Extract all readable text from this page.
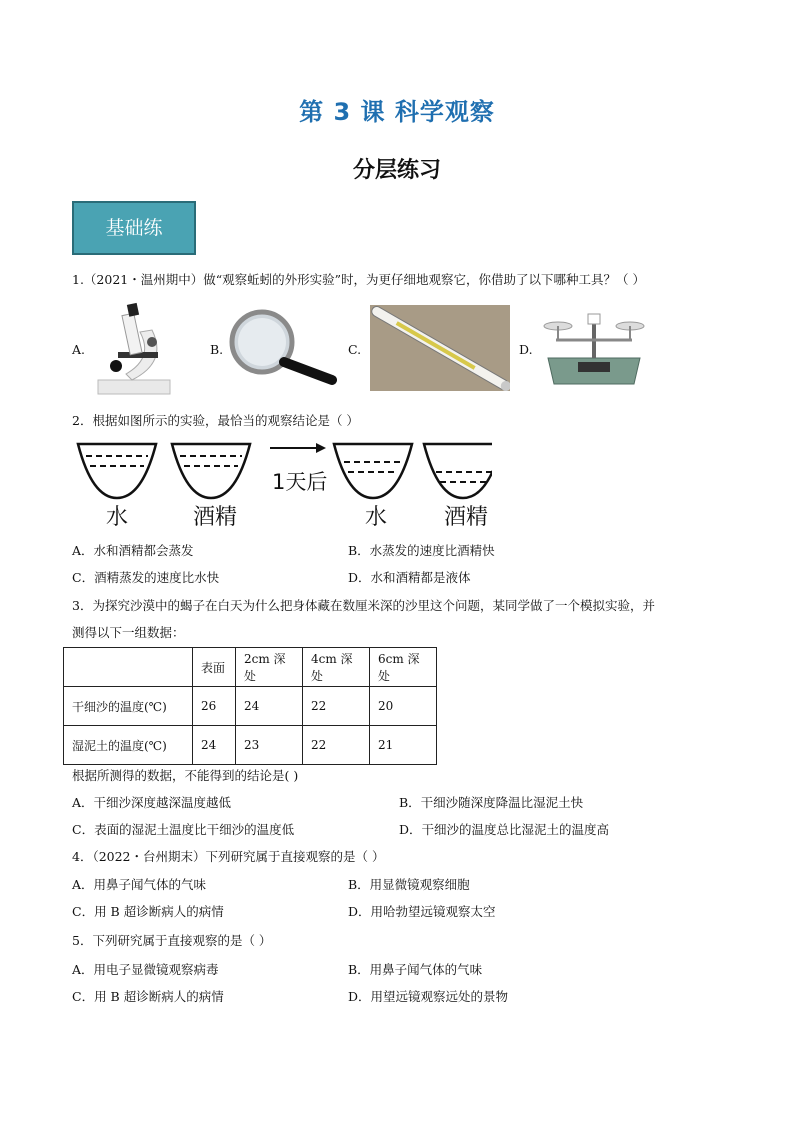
第 3 课 科学观察
分层练习
基础练
1.（2021・温州期中）做“观察蚯蚓的外形实验”时，为更仔细地观察它，你借助了以下哪种工具？（ ）
A.	B.	C.	D.
2．根据如图所示的实验，最恰当的观察结论是（ ）
1天后
水	酒精	水	酒精
A．水和酒精都会蒸发	B．水蒸发的速度比酒精快
C．酒精蒸发的速度比水快	D．水和酒精都是液体
3．为探究沙漠中的蝎子在白天为什么把身体藏在数厘米深的沙里这个问题，某同学做了一个模拟实验，并
测得以下一组数据：
	表面	2cm 深处	4cm 深处	6cm 深处
干细沙的温度(℃)	26	24	22	20
湿泥土的温度(℃)	24	23	22	21
根据所测得的数据，不能得到的结论是( )
A．干细沙深度越深温度越低	B．干细沙随深度降温比湿泥土快
C．表面的湿泥土温度比干细沙的温度低	D．干细沙的温度总比湿泥土的温度高
4．（2022・台州期末）下列研究属于直接观察的是（ ）
A．用鼻子闻气体的气味	B．用显微镜观察细胞
C．用 B 超诊断病人的病情	D．用哈勃望远镜观察太空
5．下列研究属于直接观察的是（ ）
A．用电子显微镜观察病毒	B．用鼻子闻气体的气味
C．用 B 超诊断病人的病情	D．用望远镜观察远处的景物
